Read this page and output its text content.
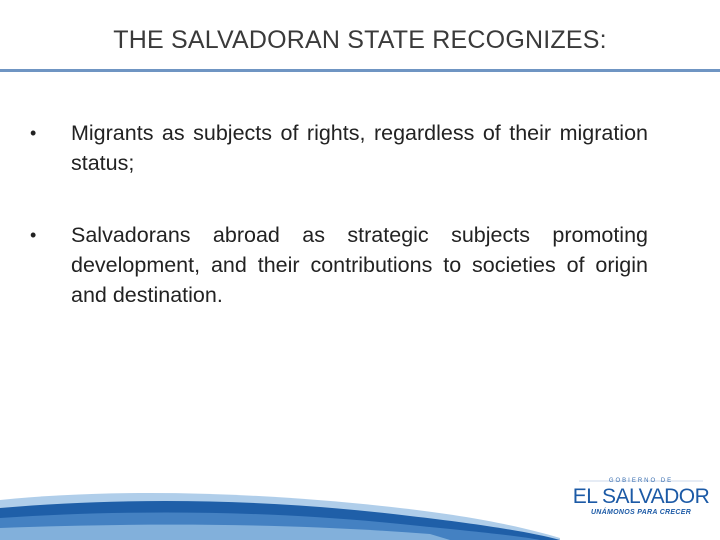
THE SALVADORAN STATE RECOGNIZES:
•	Migrants as subjects of rights, regardless of their migration status;
•	Salvadorans abroad as strategic subjects promoting development, and their contributions to societies of origin and destination.
GOBIERNO DE
EL SALVADOR
UNÁMONOS PARA CRECER
